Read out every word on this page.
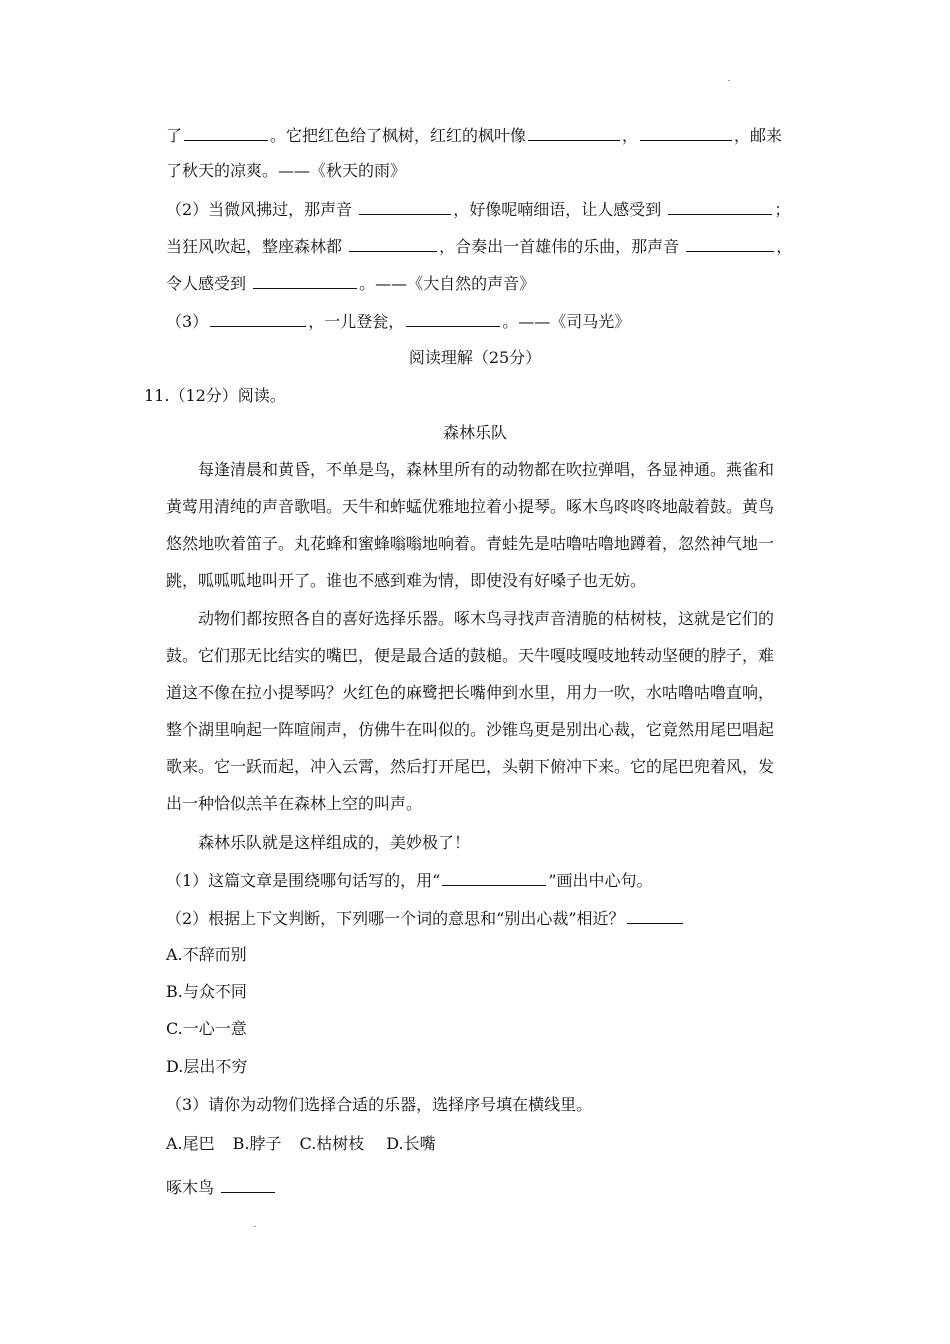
了	。它把红色给了枫树，红红的枫叶像	，	，邮来
了秋天的凉爽。——《秋天的雨》
（2）当微风拂过，那声音	，好像呢喃细语，让人感受到	；
当狂风吹起，整座森林都	，合奏出一首雄伟的乐曲，那声音	，
令人感受到	。——《大自然的声音》
（3）	，一儿登瓮，	。——《司马光》
阅读理解（25分）
11.（12分）阅读。
森林乐队
每逢清晨和黄昏，不单是鸟，森林里所有的动物都在吹拉弹唱，各显神通。燕雀和
黄莺用清纯的声音歌唱。天牛和蚱蜢优雅地拉着小提琴。啄木鸟咚咚咚地敲着鼓。黄鸟
悠然地吹着笛子。丸花蜂和蜜蜂嗡嗡地响着。青蛙先是咕噜咕噜地蹲着，忽然神气地一
跳，呱呱呱地叫开了。谁也不感到难为情，即使没有好嗓子也无妨。
动物们都按照各自的喜好选择乐器。啄木鸟寻找声音清脆的枯树枝，这就是它们的
鼓。它们那无比结实的嘴巴，便是最合适的鼓槌。天牛嘎吱嘎吱地转动坚硬的脖子，难
道这不像在拉小提琴吗？火红色的麻鹭把长嘴伸到水里，用力一吹，水咕噜咕噜直响，
整个湖里响起一阵喧闹声，仿佛牛在叫似的。沙锥鸟更是别出心裁，它竟然用尾巴唱起
歌来。它一跃而起，冲入云霄，然后打开尾巴，头朝下俯冲下来。它的尾巴兜着风，发
出一种恰似羔羊在森林上空的叫声。
森林乐队就是这样组成的，美妙极了！
（1）这篇文章是围绕哪句话写的，用“	”画出中心句。
（2）根据上下文判断，下列哪一个词的意思和“别出心裁”相近？
A.不辞而别
B.与众不同
C.一心一意
D.层出不穷
（3）请你为动物们选择合适的乐器，选择序号填在横线里。
A.尾巴 B.脖子 C.枯树枝 D.长嘴
啄木鸟
